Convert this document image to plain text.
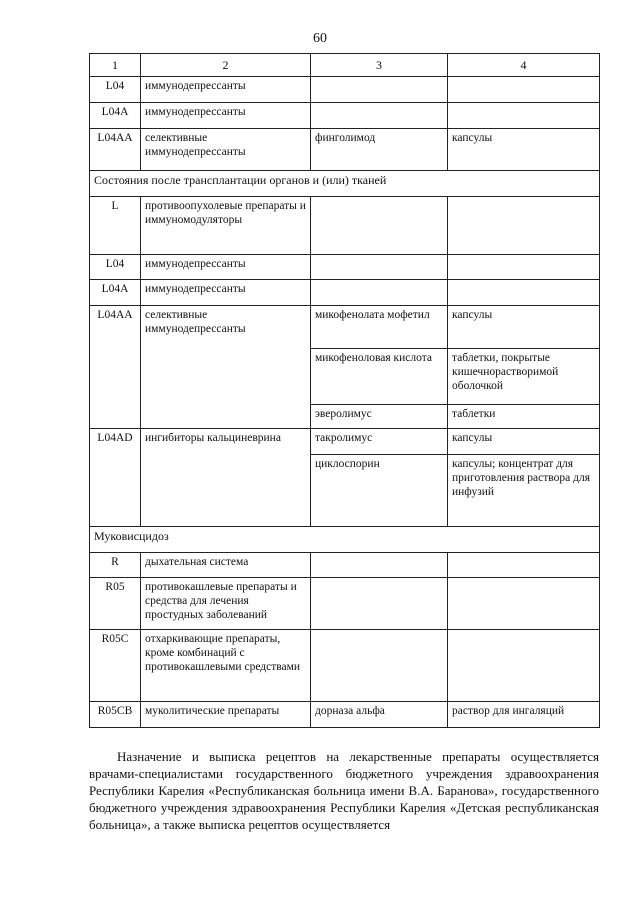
60
1	2	3	4
L04	иммунодепрессанты		
L04A	иммунодепрессанты		
L04AA	селективные иммунодепрессанты	финголимод	капсулы
Состояния после трансплантации органов и (или) тканей			
L	противоопухолевые препараты и иммуномодуляторы		
L04	иммунодепрессанты		
L04A	иммунодепрессанты		
L04AA	селективные иммунодепрессанты	микофенолата мофетил	капсулы
		микофеноловая кислота	таблетки, покрытые кишечнорастворимой оболочкой
		эверолимус	таблетки
L04AD	ингибиторы кальциневрина	такролимус	капсулы
		циклоспорин	капсулы; концентрат для приготовления раствора для инфузий
Муковисцидоз			
R	дыхательная система		
R05	противокашлевые препараты и средства для лечения простудных заболеваний		
R05C	отхаркивающие препараты, кроме комбинаций с противокашлевыми средствами		
R05CB	муколитические препараты	дорназа альфа	раствор для ингаляций

Назначение и выписка рецептов на лекарственные препараты осуществляется врачами-специалистами государственного бюджетного учреждения здравоохранения Республики Карелия «Республиканская больница имени В.А. Баранова», государственного бюджетного учреждения здравоохранения Республики Карелия «Детская республиканская больница», а также выписка рецептов осуществляется
